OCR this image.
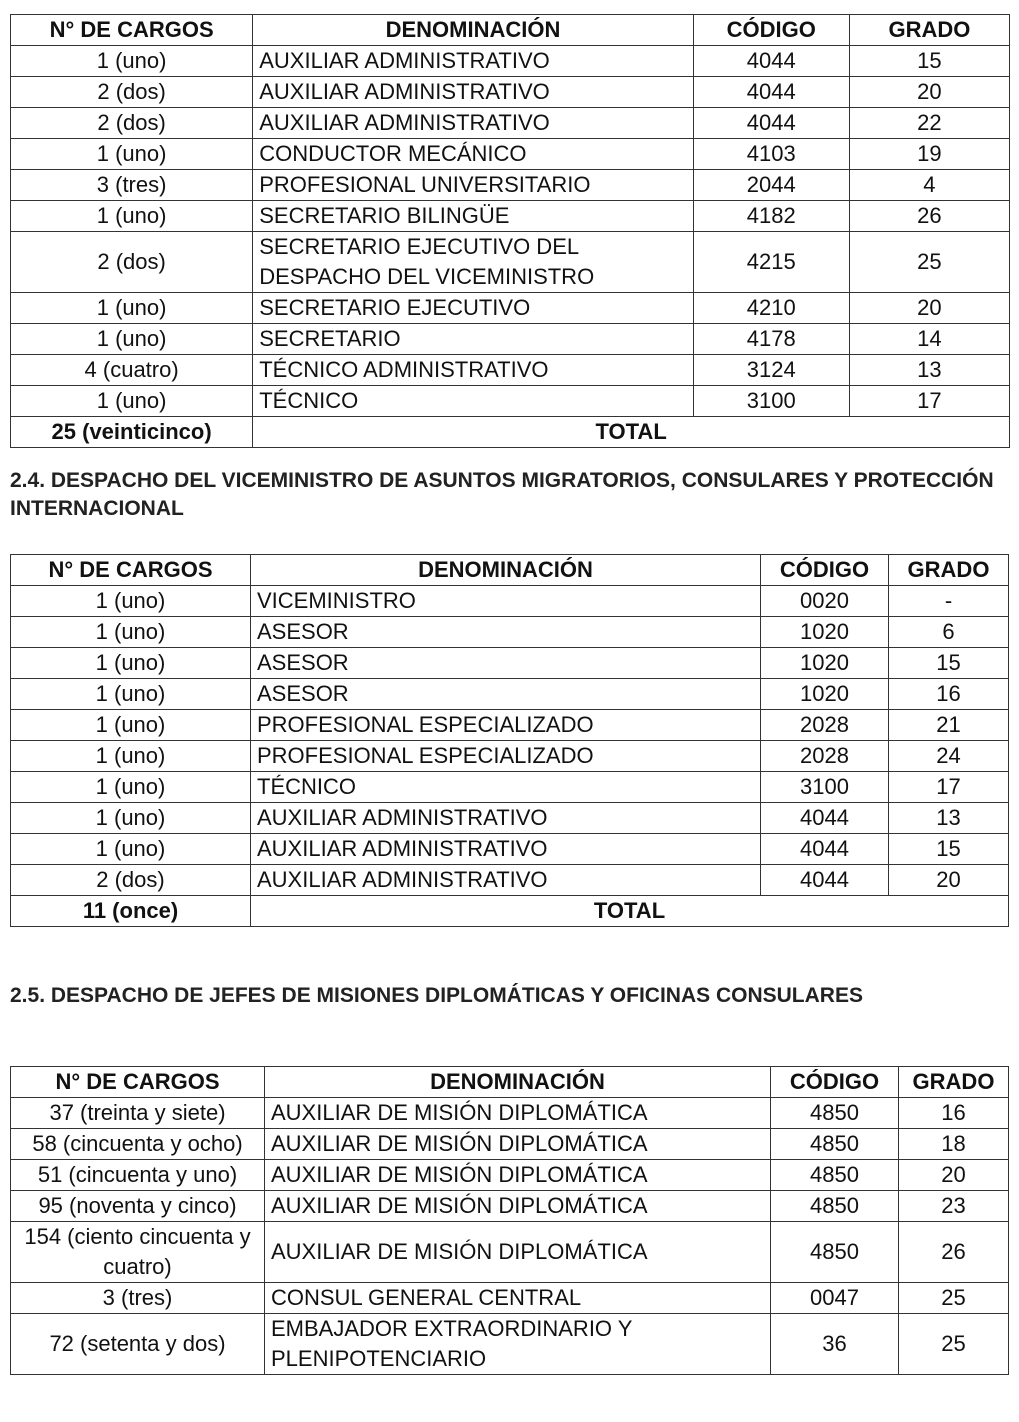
N° DE CARGOS	DENOMINACIÓN	CÓDIGO	GRADO
1 (uno)	AUXILIAR ADMINISTRATIVO	4044	15
2 (dos)	AUXILIAR ADMINISTRATIVO	4044	20
2 (dos)	AUXILIAR ADMINISTRATIVO	4044	22
1 (uno)	CONDUCTOR MECÁNICO	4103	19
3 (tres)	PROFESIONAL UNIVERSITARIO	2044	4
1 (uno)	SECRETARIO BILINGÜE	4182	26
2 (dos)	SECRETARIO EJECUTIVO DEL DESPACHO DEL VICEMINISTRO	4215	25
1 (uno)	SECRETARIO EJECUTIVO	4210	20
1 (uno)	SECRETARIO	4178	14
4 (cuatro)	TÉCNICO ADMINISTRATIVO	3124	13
1 (uno)	TÉCNICO	3100	17
25 (veinticinco)	TOTAL		
2.4. DESPACHO DEL VICEMINISTRO DE ASUNTOS MIGRATORIOS, CONSULARES Y PROTECCIÓN INTERNACIONAL
N° DE CARGOS	DENOMINACIÓN	CÓDIGO	GRADO
1 (uno)	VICEMINISTRO	0020	-
1 (uno)	ASESOR	1020	6
1 (uno)	ASESOR	1020	15
1 (uno)	ASESOR	1020	16
1 (uno)	PROFESIONAL ESPECIALIZADO	2028	21
1 (uno)	PROFESIONAL ESPECIALIZADO	2028	24
1 (uno)	TÉCNICO	3100	17
1 (uno)	AUXILIAR ADMINISTRATIVO	4044	13
1 (uno)	AUXILIAR ADMINISTRATIVO	4044	15
2 (dos)	AUXILIAR ADMINISTRATIVO	4044	20
11 (once)	TOTAL		
2.5. DESPACHO DE JEFES DE MISIONES DIPLOMÁTICAS Y OFICINAS CONSULARES
N° DE CARGOS	DENOMINACIÓN	CÓDIGO	GRADO
37 (treinta y siete)	AUXILIAR DE MISIÓN DIPLOMÁTICA	4850	16
58 (cincuenta y ocho)	AUXILIAR DE MISIÓN DIPLOMÁTICA	4850	18
51 (cincuenta y uno)	AUXILIAR DE MISIÓN DIPLOMÁTICA	4850	20
95 (noventa y cinco)	AUXILIAR DE MISIÓN DIPLOMÁTICA	4850	23
154 (ciento cincuenta y cuatro)	AUXILIAR DE MISIÓN DIPLOMÁTICA	4850	26
3 (tres)	CONSUL GENERAL CENTRAL	0047	25
72 (setenta y dos)	EMBAJADOR EXTRAORDINARIO Y PLENIPOTENCIARIO	36	25
